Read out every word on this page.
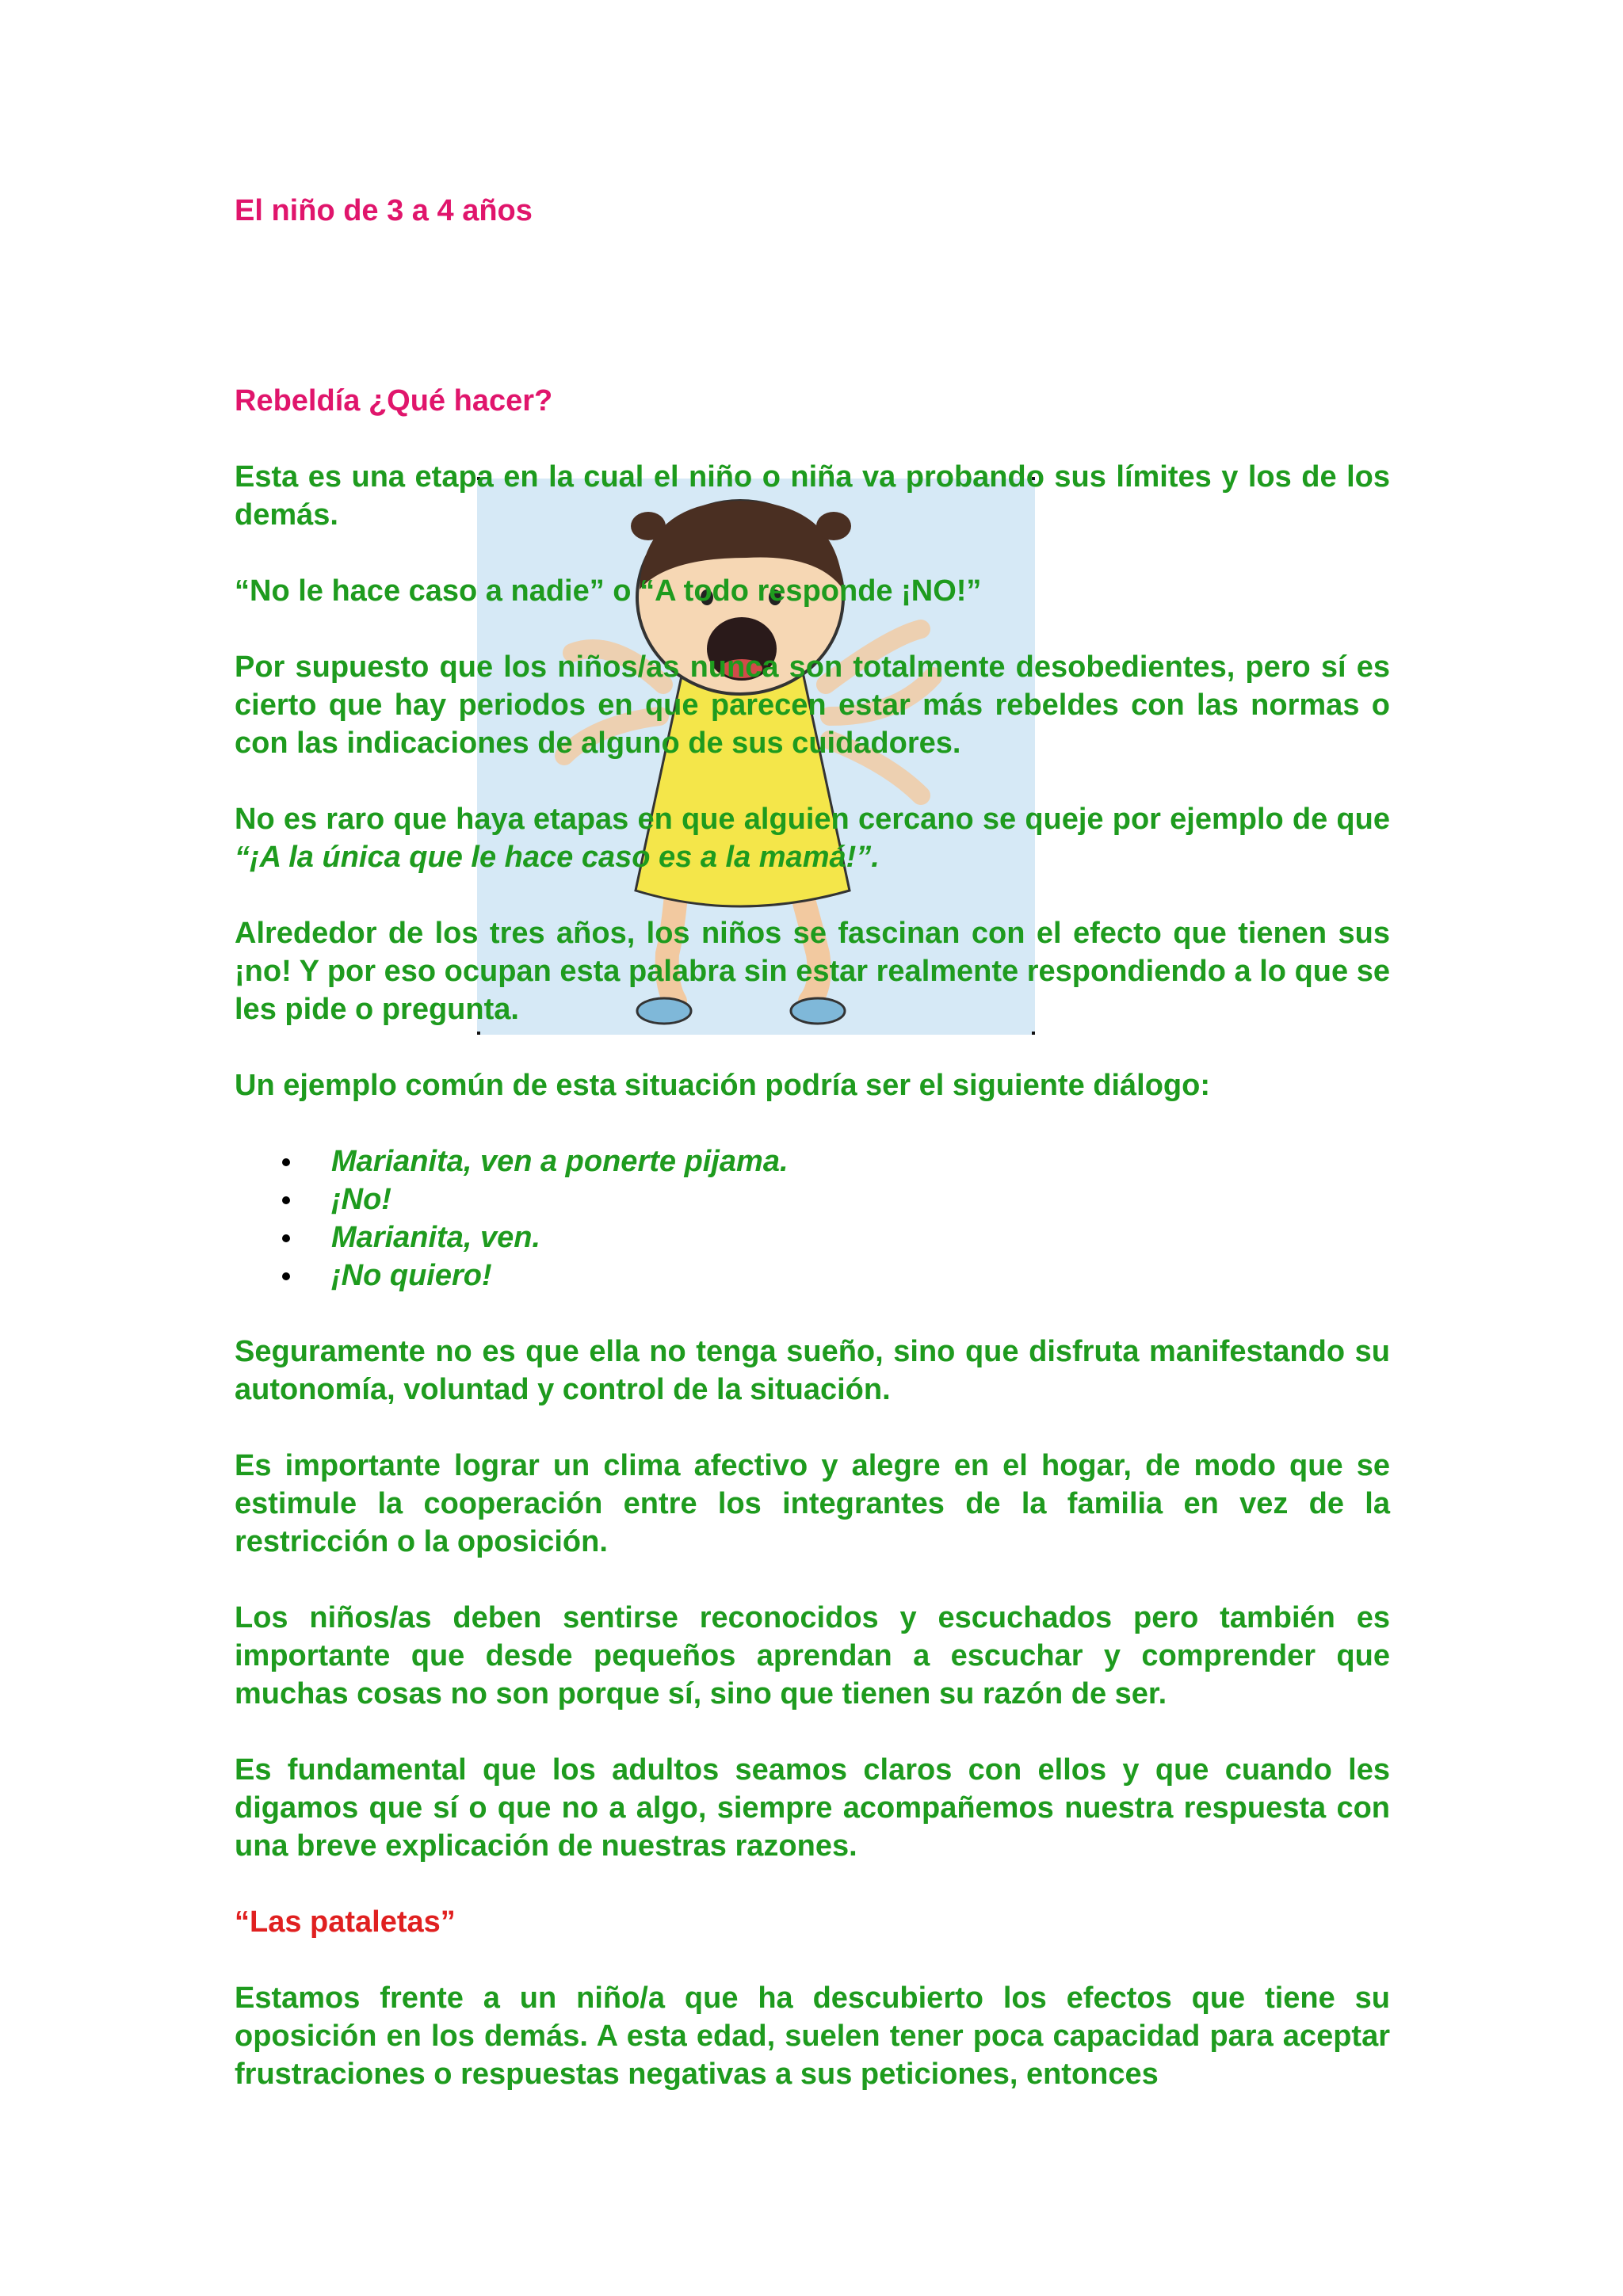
El niño de 3 a 4 años
Rebeldía ¿Qué hacer?

Esta es una etapa en la cual el niño o niña va probando sus límites y los de los demás.

“No le hace caso a nadie” o “A todo responde ¡NO!”

Por supuesto que los niños/as nunca son totalmente desobedientes, pero sí es cierto que hay periodos en que parecen estar más rebeldes con las normas o con las indicaciones de alguno de sus cuidadores.

No es raro que haya etapas en que alguien cercano se queje por ejemplo de que “¡A la única que le hace caso es a la mamá!”.

Alrededor de los tres años, los niños se fascinan con el efecto que tienen sus ¡no! Y por eso ocupan esta palabra sin estar realmente respondiendo a lo que se les pide o pregunta.

Un ejemplo común de esta situación podría ser el siguiente diálogo:

Marianita, ven a ponerte pijama.
¡No!
Marianita, ven.
¡No quiero!

Seguramente no es que ella no tenga sueño, sino que disfruta manifestando su autonomía, voluntad y control de la situación.

Es importante lograr un clima afectivo y alegre en el hogar, de modo que se estimule la cooperación entre los integrantes de la familia en vez de la restricción o la oposición.

Los niños/as deben sentirse reconocidos y escuchados pero también es importante que desde pequeños aprendan a escuchar y comprender que muchas cosas no son porque sí, sino que tienen su razón de ser.

Es fundamental que los adultos seamos claros con ellos y que cuando les digamos que sí o que no a algo, siempre acompañemos nuestra respuesta con una breve explicación de nuestras razones.

“Las pataletas”

Estamos frente a un niño/a que ha descubierto los efectos que tiene su oposición en los demás. A esta edad, suelen tener poca capacidad para aceptar frustraciones o respuestas negativas a sus peticiones, entonces
